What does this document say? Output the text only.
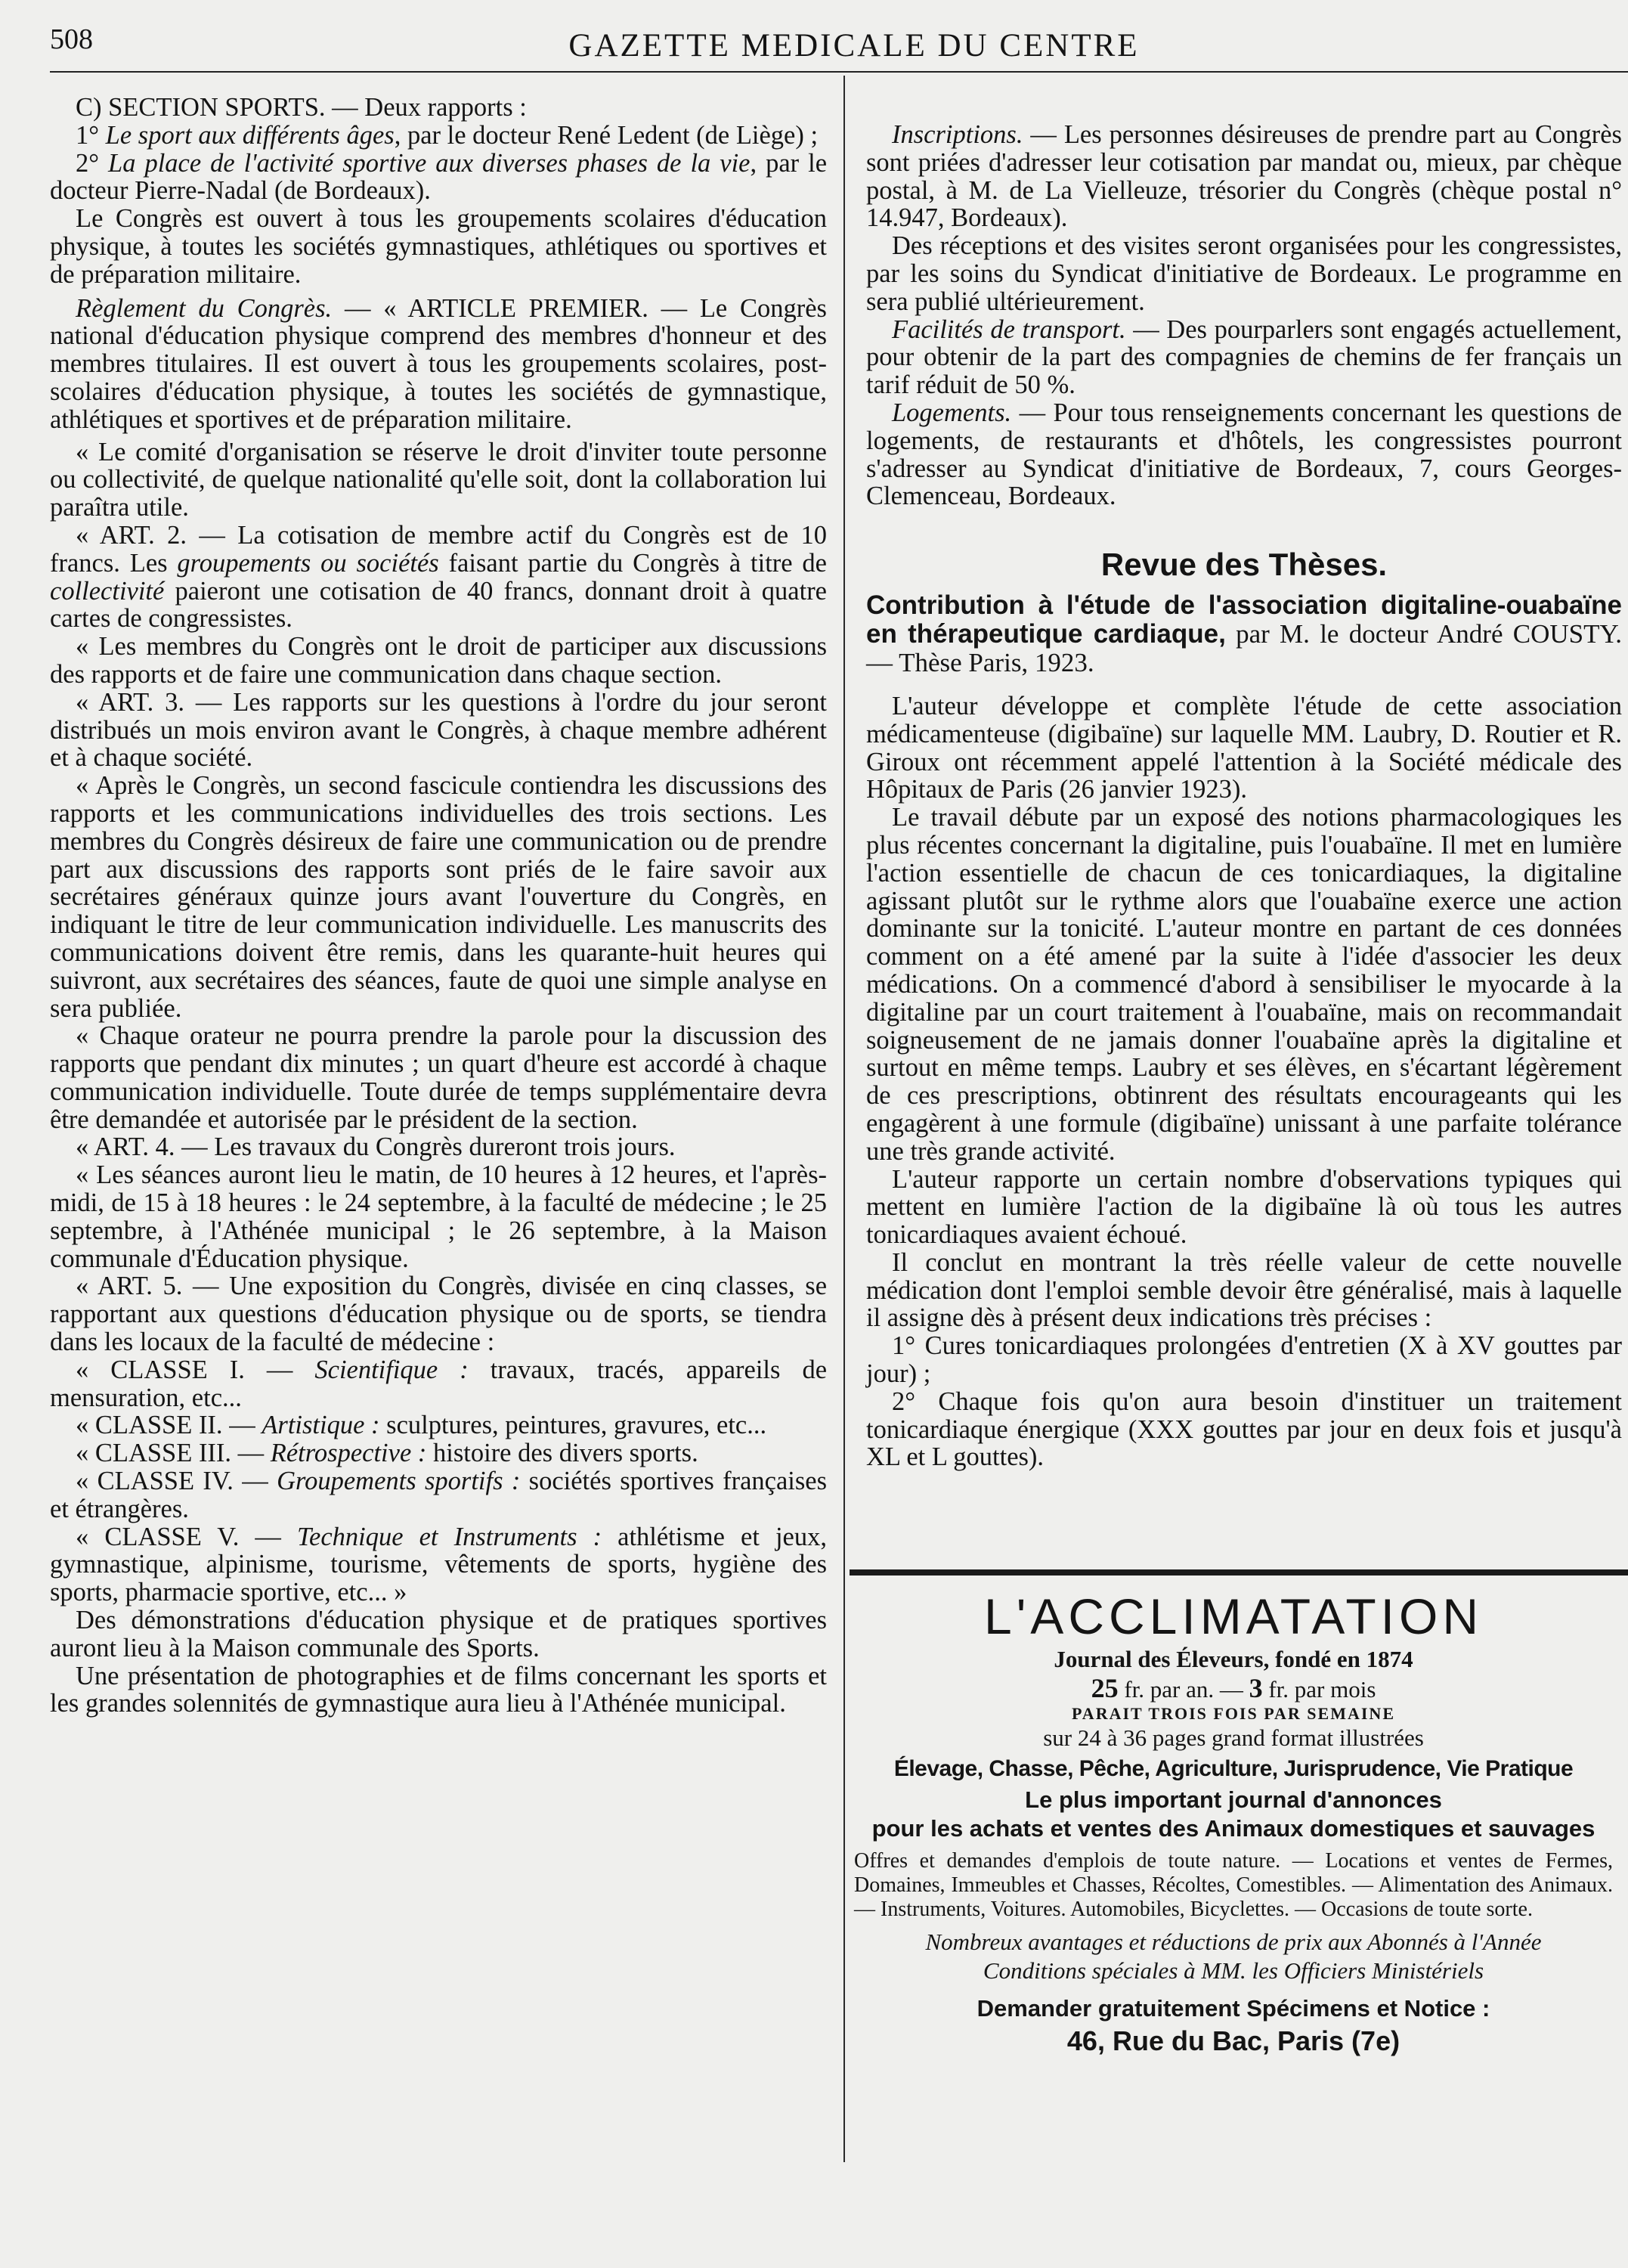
508	GAZETTE MEDICALE DU CENTRE

C) SECTION SPORTS. — Deux rapports :

1° Le sport aux différents âges, par le docteur René Ledent (de Liège) ;

2° La place de l'activité sportive aux diverses phases de la vie, par le docteur Pierre-Nadal (de Bordeaux).

Le Congrès est ouvert à tous les groupements scolaires d'éducation physique, à toutes les sociétés gymnastiques, athlétiques ou sportives et de préparation militaire.

Règlement du Congrès. — « ARTICLE PREMIER. — Le Congrès national d'éducation physique comprend des membres d'honneur et des membres titulaires. Il est ouvert à tous les groupements scolaires, post-scolaires d'éducation physique, à toutes les sociétés de gymnastique, athlétiques et sportives et de préparation militaire.

« Le comité d'organisation se réserve le droit d'inviter toute personne ou collectivité, de quelque nationalité qu'elle soit, dont la collaboration lui paraîtra utile.

« ART. 2. — La cotisation de membre actif du Congrès est de 10 francs. Les groupements ou sociétés faisant partie du Congrès à titre de collectivité paieront une cotisation de 40 francs, donnant droit à quatre cartes de congressistes.

« Les membres du Congrès ont le droit de participer aux discussions des rapports et de faire une communication dans chaque section.

« ART. 3. — Les rapports sur les questions à l'ordre du jour seront distribués un mois environ avant le Congrès, à chaque membre adhérent et à chaque société.

« Après le Congrès, un second fascicule contiendra les discussions des rapports et les communications individuelles des trois sections. Les membres du Congrès désireux de faire une communication ou de prendre part aux discussions des rapports sont priés de le faire savoir aux secrétaires généraux quinze jours avant l'ouverture du Congrès, en indiquant le titre de leur communication individuelle. Les manuscrits des communications doivent être remis, dans les quarante-huit heures qui suivront, aux secrétaires des séances, faute de quoi une simple analyse en sera publiée.

« Chaque orateur ne pourra prendre la parole pour la discussion des rapports que pendant dix minutes ; un quart d'heure est accordé à chaque communication individuelle. Toute durée de temps supplémentaire devra être demandée et autorisée par le président de la section.

« ART. 4. — Les travaux du Congrès dureront trois jours.

« Les séances auront lieu le matin, de 10 heures à 12 heures, et l'après-midi, de 15 à 18 heures : le 24 septembre, à la faculté de médecine ; le 25 septembre, à l'Athénée municipal ; le 26 septembre, à la Maison communale d'Éducation physique.

« ART. 5. — Une exposition du Congrès, divisée en cinq classes, se rapportant aux questions d'éducation physique ou de sports, se tiendra dans les locaux de la faculté de médecine :

« CLASSE I. — Scientifique : travaux, tracés, appareils de mensuration, etc...

« CLASSE II. — Artistique : sculptures, peintures, gravures, etc...

« CLASSE III. — Rétrospective : histoire des divers sports.

« CLASSE IV. — Groupements sportifs : sociétés sportives françaises et étrangères.

« CLASSE V. — Technique et Instruments : athlétisme et jeux, gymnastique, alpinisme, tourisme, vêtements de sports, hygiène des sports, pharmacie sportive, etc... »

Des démonstrations d'éducation physique et de pratiques sportives auront lieu à la Maison communale des Sports.

Une présentation de photographies et de films concernant les sports et les grandes solennités de gymnastique aura lieu à l'Athénée municipal.

Inscriptions. — Les personnes désireuses de prendre part au Congrès sont priées d'adresser leur cotisation par mandat ou, mieux, par chèque postal, à M. de La Vielleuze, trésorier du Congrès (chèque postal n° 14.947, Bordeaux).

Des réceptions et des visites seront organisées pour les congressistes, par les soins du Syndicat d'initiative de Bordeaux. Le programme en sera publié ultérieurement.

Facilités de transport. — Des pourparlers sont engagés actuellement, pour obtenir de la part des compagnies de chemins de fer français un tarif réduit de 50 %.

Logements. — Pour tous renseignements concernant les questions de logements, de restaurants et d'hôtels, les congressistes pourront s'adresser au Syndicat d'initiative de Bordeaux, 7, cours Georges-Clemenceau, Bordeaux.

Revue des Thèses.

Contribution à l'étude de l'association digitaline-ouabaïne en thérapeutique cardiaque, par M. le docteur André COUSTY. — Thèse Paris, 1923.

L'auteur développe et complète l'étude de cette association médicamenteuse (digibaïne) sur laquelle MM. Laubry, D. Routier et R. Giroux ont récemment appelé l'attention à la Société médicale des Hôpitaux de Paris (26 janvier 1923).

Le travail débute par un exposé des notions pharmacologiques les plus récentes concernant la digitaline, puis l'ouabaïne. Il met en lumière l'action essentielle de chacun de ces tonicardiaques, la digitaline agissant plutôt sur le rythme alors que l'ouabaïne exerce une action dominante sur la tonicité. L'auteur montre en partant de ces données comment on a été amené par la suite à l'idée d'associer les deux médications. On a commencé d'abord à sensibiliser le myocarde à la digitaline par un court traitement à l'ouabaïne, mais on recommandait soigneusement de ne jamais donner l'ouabaïne après la digitaline et surtout en même temps. Laubry et ses élèves, en s'écartant légèrement de ces prescriptions, obtinrent des résultats encourageants qui les engagèrent à une formule (digibaïne) unissant à une parfaite tolérance une très grande activité.

L'auteur rapporte un certain nombre d'observations typiques qui mettent en lumière l'action de la digibaïne là où tous les autres tonicardiaques avaient échoué.

Il conclut en montrant la très réelle valeur de cette nouvelle médication dont l'emploi semble devoir être généralisé, mais à laquelle il assigne dès à présent deux indications très précises :

1° Cures tonicardiaques prolongées d'entretien (X à XV gouttes par jour) ;

2° Chaque fois qu'on aura besoin d'instituer un traitement tonicardiaque énergique (XXX gouttes par jour en deux fois et jusqu'à XL et L gouttes).

L'ACCLIMATATION
Journal des Éleveurs, fondé en 1874
25 fr. par an. — 3 fr. par mois
PARAIT TROIS FOIS PAR SEMAINE
sur 24 à 36 pages grand format illustrées
Élevage, Chasse, Pêche, Agriculture, Jurisprudence, Vie Pratique
Le plus important journal d'annonces
pour les achats et ventes des Animaux domestiques et sauvages
Offres et demandes d'emplois de toute nature. — Locations et ventes de Fermes, Domaines, Immeubles et Chasses, Récoltes, Comestibles. — Alimentation des Animaux. — Instruments, Voitures. Automobiles, Bicyclettes. — Occasions de toute sorte.
Nombreux avantages et réductions de prix aux Abonnés à l'Année
Conditions spéciales à MM. les Officiers Ministériels
Demander gratuitement Spécimens et Notice :
46, Rue du Bac, Paris (7e)
